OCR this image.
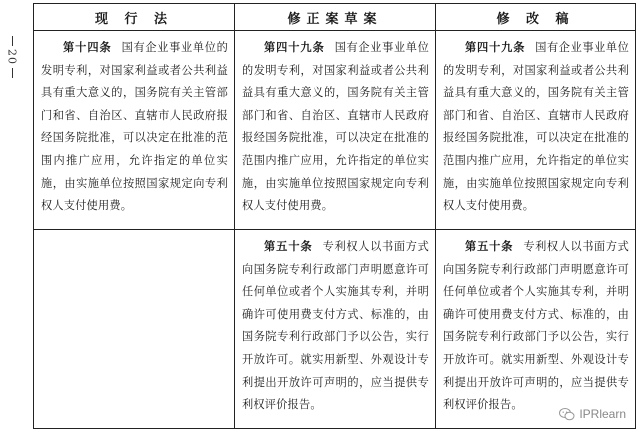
20
现 行 法	修正案草案	修 改 稿

第十四条 国有企业事业单位的发明专利，对国家利益或者公共利益具有重大意义的，国务院有关主管部门和省、自治区、直辖市人民政府报经国务院批准，可以决定在批准的范围内推广应用，允许指定的单位实施，由实施单位按照国家规定向专利权人支付使用费。	第四十九条 国有企业事业单位的发明专利，对国家利益或者公共利益具有重大意义的，国务院有关主管部门和省、自治区、直辖市人民政府报经国务院批准，可以决定在批准的范围内推广应用，允许指定的单位实施，由实施单位按照国家规定向专利权人支付使用费。	第四十九条 国有企业事业单位的发明专利，对国家利益或者公共利益具有重大意义的，国务院有关主管部门和省、自治区、直辖市人民政府报经国务院批准，可以决定在批准的范围内推广应用，允许指定的单位实施，由实施单位按照国家规定向专利权人支付使用费。

	第五十条 专利权人以书面方式向国务院专利行政部门声明愿意许可任何单位或者个人实施其专利，并明确许可使用费支付方式、标准的，由国务院专利行政部门予以公告，实行开放许可。就实用新型、外观设计专利提出开放许可声明的，应当提供专利权评价报告。	第五十条 专利权人以书面方式向国务院专利行政部门声明愿意许可任何单位或者个人实施其专利，并明确许可使用费支付方式、标准的，由国务院专利行政部门予以公告，实行开放许可。就实用新型、外观设计专利提出开放许可声明的，应当提供专利权评价报告。
IPRlearn
